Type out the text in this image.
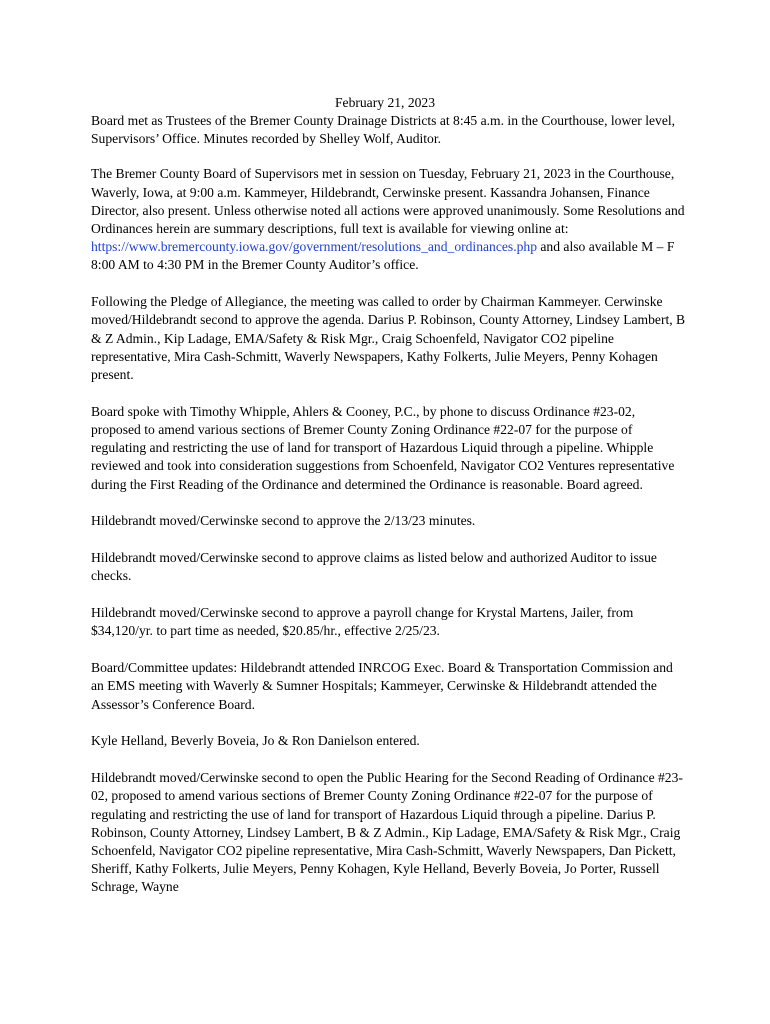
February 21, 2023

Board met as Trustees of the Bremer County Drainage Districts at 8:45 a.m. in the Courthouse, lower level, Supervisors’ Office. Minutes recorded by Shelley Wolf, Auditor.

The Bremer County Board of Supervisors met in session on Tuesday, February 21, 2023 in the Courthouse, Waverly, Iowa, at 9:00 a.m. Kammeyer, Hildebrandt, Cerwinske present. Kassandra Johansen, Finance Director, also present. Unless otherwise noted all actions were approved unanimously. Some Resolutions and Ordinances herein are summary descriptions, full text is available for viewing online at:
https://www.bremercounty.iowa.gov/government/resolutions_and_ordinances.php and also available M – F 8:00 AM to 4:30 PM in the Bremer County Auditor’s office.

Following the Pledge of Allegiance, the meeting was called to order by Chairman Kammeyer. Cerwinske moved/Hildebrandt second to approve the agenda. Darius P. Robinson, County Attorney, Lindsey Lambert, B & Z Admin., Kip Ladage, EMA/Safety & Risk Mgr., Craig Schoenfeld, Navigator CO2 pipeline representative, Mira Cash-Schmitt, Waverly Newspapers, Kathy Folkerts, Julie Meyers, Penny Kohagen present.

Board spoke with Timothy Whipple, Ahlers & Cooney, P.C., by phone to discuss Ordinance #23-02, proposed to amend various sections of Bremer County Zoning Ordinance #22-07 for the purpose of regulating and restricting the use of land for transport of Hazardous Liquid through a pipeline. Whipple reviewed and took into consideration suggestions from Schoenfeld, Navigator CO2 Ventures representative during the First Reading of the Ordinance and determined the Ordinance is reasonable. Board agreed.

Hildebrandt moved/Cerwinske second to approve the 2/13/23 minutes.

Hildebrandt moved/Cerwinske second to approve claims as listed below and authorized Auditor to issue checks.

Hildebrandt moved/Cerwinske second to approve a payroll change for Krystal Martens, Jailer, from $34,120/yr. to part time as needed, $20.85/hr., effective 2/25/23.

Board/Committee updates: Hildebrandt attended INRCOG Exec. Board & Transportation Commission and an EMS meeting with Waverly & Sumner Hospitals; Kammeyer, Cerwinske & Hildebrandt attended the Assessor’s Conference Board.

Kyle Helland, Beverly Boveia, Jo & Ron Danielson entered.

Hildebrandt moved/Cerwinske second to open the Public Hearing for the Second Reading of Ordinance #23-02, proposed to amend various sections of Bremer County Zoning Ordinance #22-07 for the purpose of regulating and restricting the use of land for transport of Hazardous Liquid through a pipeline. Darius P. Robinson, County Attorney, Lindsey Lambert, B & Z Admin., Kip Ladage, EMA/Safety & Risk Mgr., Craig Schoenfeld, Navigator CO2 pipeline representative, Mira Cash-Schmitt, Waverly Newspapers, Dan Pickett, Sheriff, Kathy Folkerts, Julie Meyers, Penny Kohagen, Kyle Helland, Beverly Boveia, Jo Porter, Russell Schrage, Wayne
